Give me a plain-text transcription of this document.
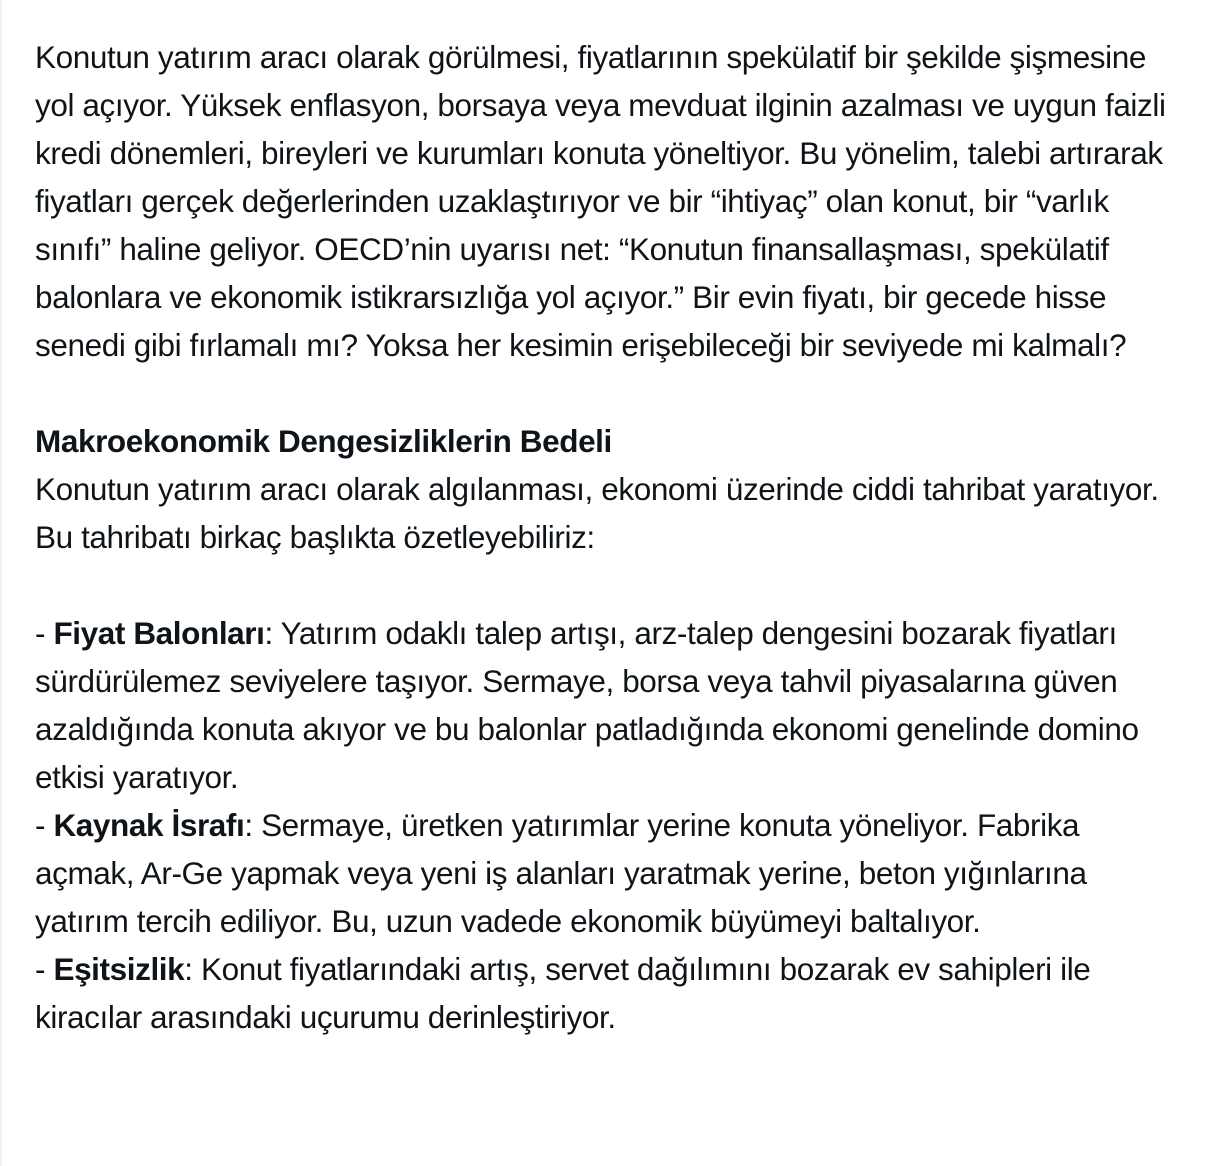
Konutun yatırım aracı olarak görülmesi, fiyatlarının spekülatif bir şekilde şişmesine yol açıyor. Yüksek enflasyon, borsaya veya mevduat ilginin azalması ve uygun faizli kredi dönemleri, bireyleri ve kurumları konuta yöneltiyor. Bu yönelim, talebi artırarak fiyatları gerçek değerlerinden uzaklaştırıyor ve bir “ihtiyaç” olan konut, bir “varlık sınıfı” haline geliyor. OECD’nin uyarısı net: “Konutun finansallaşması, spekülatif balonlara ve ekonomik istikrarsızlığa yol açıyor.” Bir evin fiyatı, bir gecede hisse senedi gibi fırlamalı mı? Yoksa her kesimin erişebileceği bir seviyede mi kalmalı?

Makroekonomik Dengesizliklerin Bedeli

Konutun yatırım aracı olarak algılanması, ekonomi üzerinde ciddi tahribat yaratıyor. Bu tahribatı birkaç başlıkta özetleyebiliriz:

- Fiyat Balonları: Yatırım odaklı talep artışı, arz-talep dengesini bozarak fiyatları sürdürülemez seviyelere taşıyor. Sermaye, borsa veya tahvil piyasalarına güven azaldığında konuta akıyor ve bu balonlar patladığında ekonomi genelinde domino etkisi yaratıyor.

- Kaynak İsrafı: Sermaye, üretken yatırımlar yerine konuta yöneliyor. Fabrika açmak, Ar-Ge yapmak veya yeni iş alanları yaratmak yerine, beton yığınlarına yatırım tercih ediliyor. Bu, uzun vadede ekonomik büyümeyi baltalıyor.

- Eşitsizlik: Konut fiyatlarındaki artış, servet dağılımını bozarak ev sahipleri ile kiracılar arasındaki uçurumu derinleştiriyor.
